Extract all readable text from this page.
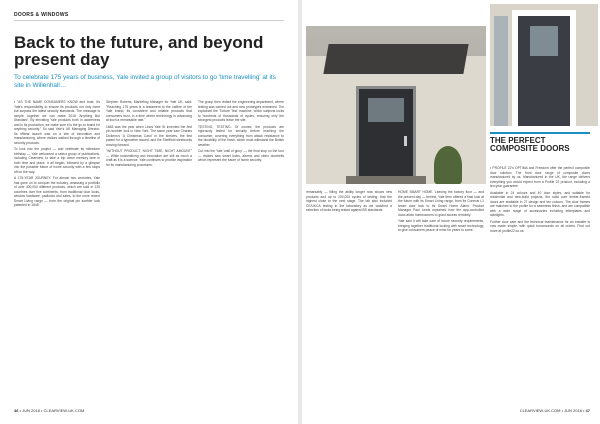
DOORS & WINDOWS
Back to the future, and beyond present day

To celebrate 175 years of business, Yale invited a group of visitors to go 'time travelling' at its site in Willenhall…

• "AS THE NAME CONSUMERS KNOW and trust, it's Yale's responsibility to ensure its products not only meet but surpass the latest security standards. The message is simple, together we can make 2018 'Anything But Standard'. By elevating Yale products both in awareness and in its production, we make sure it is the go-to brand for anything security." So said Yale's UK Managing Director. Its official launch was on a site of innovation and manufacturing, where visitors walked through a timeline of security products.

To look into the project — and celebrate its milestone birthday — Yale welcomed a select group of publications, including Clearview, to take a trip down memory lane in both time and place. It all began, followed by a glimpse into the possible future of home security with a few stops off on the way.

A 175-YEAR JOURNEY. For almost two centuries, Yale has gone on to conquer the industry, amassing a portfolio of over 400,000 different products, which are sold in 125 countries over five continents, from traditional door locks, window hardware, padlocks and safes, to the more recent Smart Living range — from the original pin tumbler lock patented in 1848.

Stephen Roberts, Marketing Manager for Yale UK, said: "Reaching 175 years is a testament to the calibre of the Yale brand, its consistent and reliable products that consumers trust, in a time where technology is advancing at such a remarkable rate."

1848 was the year when Linus Yale Sr invented the first pin tumbler lock in New York. The same year saw Charles Dickens's 'A Christmas Carol' in the shelves, the first patent for a typewriter issued, and the Sheffield steelworks moving forward.

"WITHOUT PRODUCT, NIGHT TIME, NIGHT AMOUNT" — While locksmithing and innovation are still as much a craft as it is a science, Yale continues to provide inspiration for its manufacturing processes.

The group then visited the engineering department, where testing was carried out and new prototypes examined. Tim explained the 'Torture Test' machine, which subjects locks to hundreds of thousands of cycles, ensuring only the strongest products leave the site.

TESTING, TESTING. Of course, the products are rigorously tested for security before reaching the consumer, covering everything from attack resistance to the durability of the finish, which must withstand the British weather.

Cut into the Yale 'wall of glory' — the final stop on the tour — visitors saw smart locks, alarms and video doorbells which represent the future of home security.

46 • JUN 2018 • CLEARVIEW-UK.COM
THE PERFECT COMPOSITE DOORS

remarkably — filling the ability longer now shows new products and up to 200,000 cycles of testing; that the highest close to the next stage. The lab also included CE/UKCA testing in the laboratory as we watched a selection of locks being tested against BS standards.

HOME SMART HOME. Leaving the factory floor — and the present day — behind, Yale then offered a final look at the future with its Smart Living range, from its Conexis L1 smart door lock to its Smart Home Alarm. Product Manager Paul Lewis explained how the app-controlled locks allow homeowners to grant access remotely.

Yale said it will take care of future security requirements, bringing together traditional locking with smart technology, to give consumers peace of mind for years to come.

• PROFILE 22's OPTIMA and Freedom offer the perfect composite door solution. The front door range of composite doors manufactured by us. Manufactured in the UK, the range delivers everything you would expect from a Profile 22 product, including a ten-year guarantee.

Available in 24 colours and 40 door styles, and suitable for residential and new-build projects, the solid core timber-framed doors are available in 27 design and ten colours. The door frames are matched to the profile for a seamless finish, and are compatible with a wide range of accessories including letterplates and sidelights.

Further door care and the technical maintenance for an installer is now made simple, with quick turnarounds on all orders. Find out more at profile22.co.uk.

CLEARVIEW-UK.COM • JUN 2018 • 47
